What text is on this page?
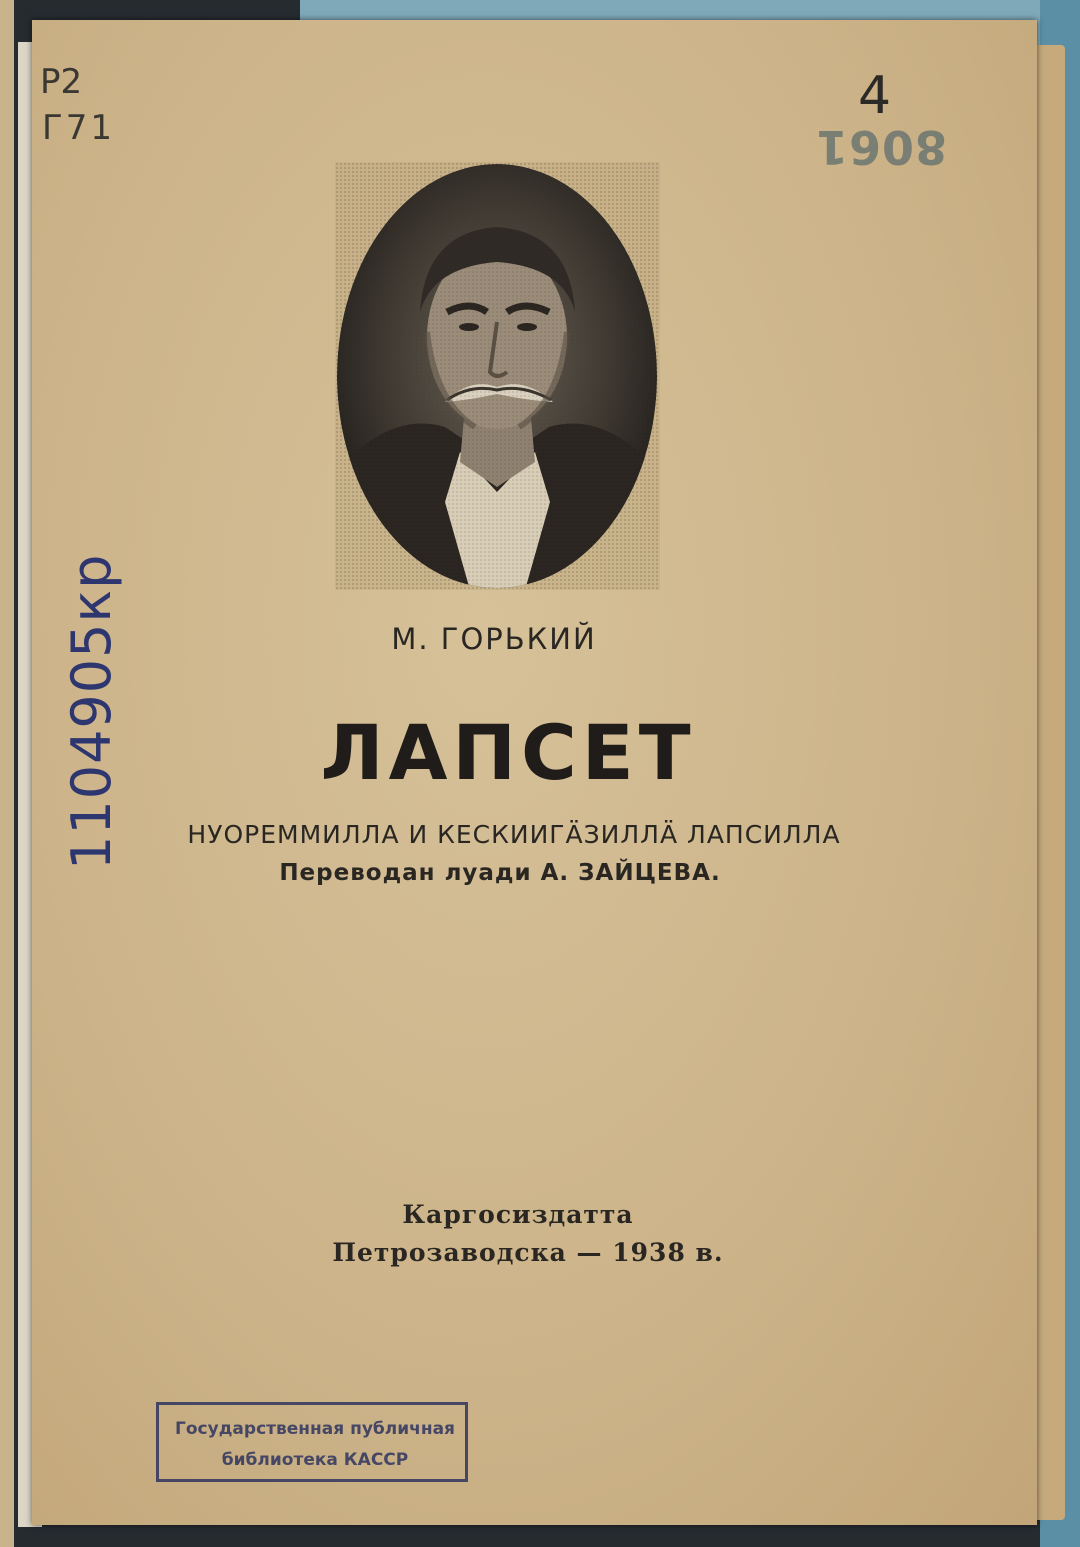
Р2
Г71
4
8061
1104905кр	М. ГОРЬКИЙ
ЛАПСЕТ
НУОРЕММИЛЛА И КЕСКИИГÄЗИЛЛÄ ЛАПСИЛЛА
Переводан луади А. ЗАЙЦЕВА.
Каргосиздатта
Петрозаводска — 1938 в.
Государственная публичная
библиотека КАССР
